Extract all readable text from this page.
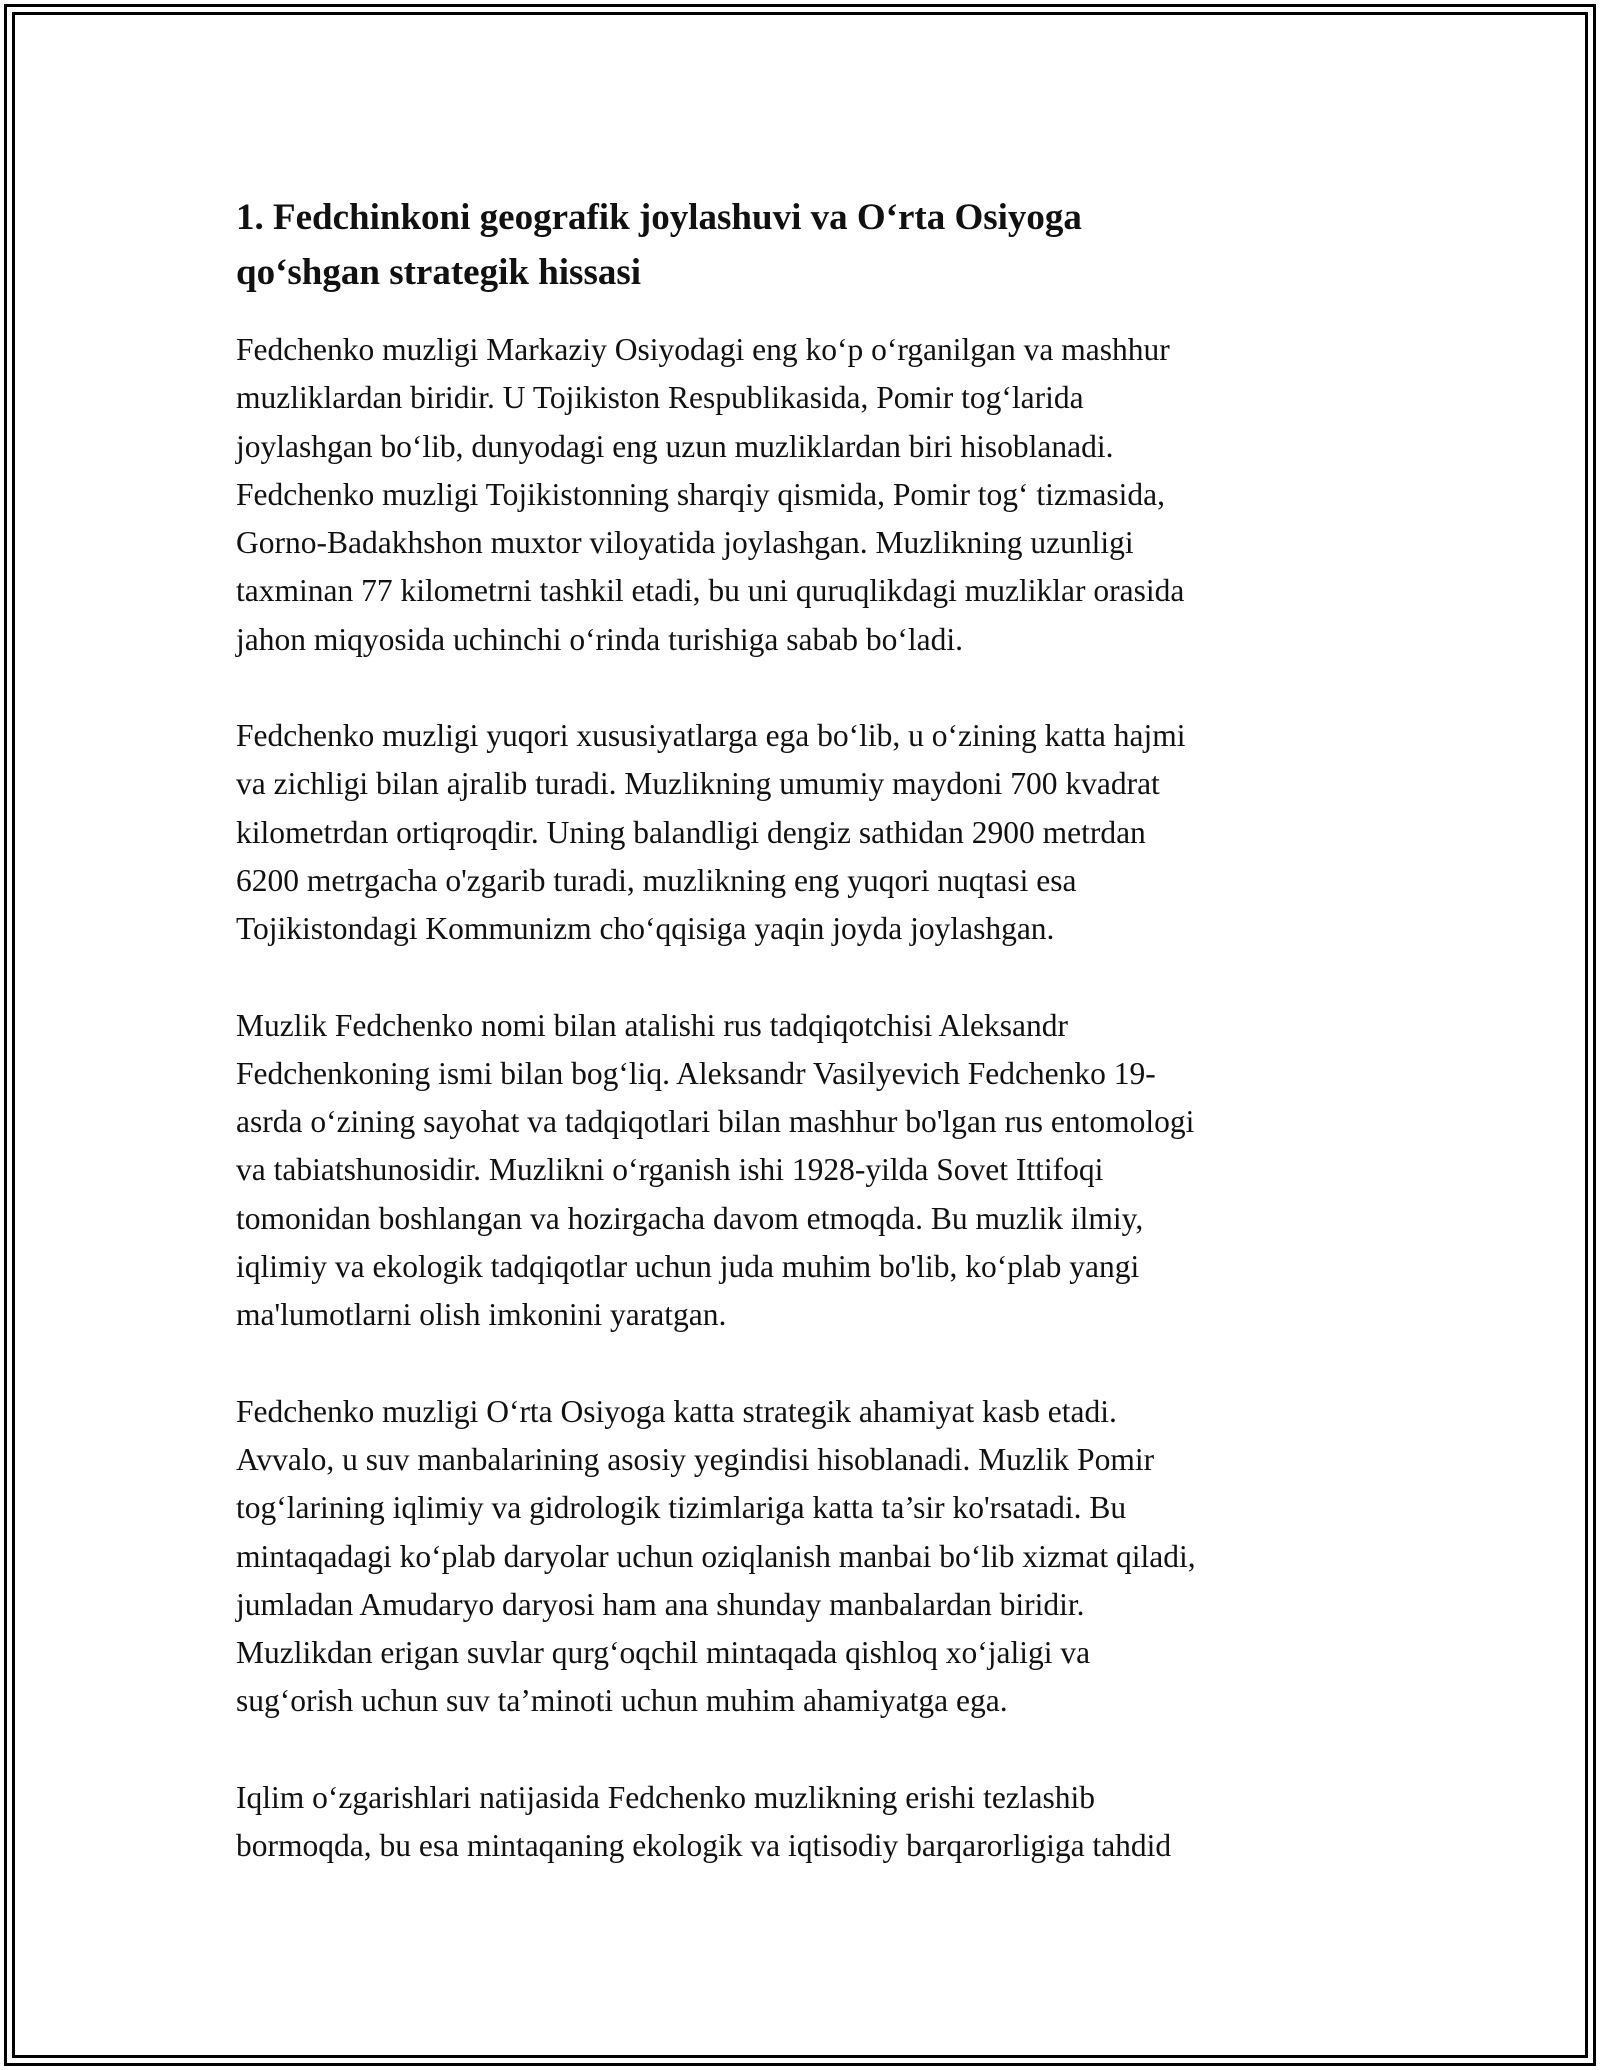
1. Fedchinkoni geografik joylashuvi va O‘rta Osiyoga
qo‘shgan strategik hissasi

Fedchenko muzligi Markaziy Osiyodagi eng ko‘p o‘rganilgan va mashhur
muzliklardan biridir. U Tojikiston Respublikasida, Pomir tog‘larida
joylashgan bo‘lib, dunyodagi eng uzun muzliklardan biri hisoblanadi.
Fedchenko muzligi Tojikistonning sharqiy qismida, Pomir tog‘ tizmasida,
Gorno-Badakhshon muxtor viloyatida joylashgan. Muzlikning uzunligi
taxminan 77 kilometrni tashkil etadi, bu uni quruqlikdagi muzliklar orasida
jahon miqyosida uchinchi o‘rinda turishiga sabab bo‘ladi.

Fedchenko muzligi yuqori xususiyatlarga ega bo‘lib, u o‘zining katta hajmi
va zichligi bilan ajralib turadi. Muzlikning umumiy maydoni 700 kvadrat
kilometrdan ortiqroqdir. Uning balandligi dengiz sathidan 2900 metrdan
6200 metrgacha o'zgarib turadi, muzlikning eng yuqori nuqtasi esa
Tojikistondagi Kommunizm cho‘qqisiga yaqin joyda joylashgan.

Muzlik Fedchenko nomi bilan atalishi rus tadqiqotchisi Aleksandr
Fedchenkoning ismi bilan bog‘liq. Aleksandr Vasilyevich Fedchenko 19-
asrda o‘zining sayohat va tadqiqotlari bilan mashhur bo'lgan rus entomologi
va tabiatshunosidir. Muzlikni o‘rganish ishi 1928-yilda Sovet Ittifoqi
tomonidan boshlangan va hozirgacha davom etmoqda. Bu muzlik ilmiy,
iqlimiy va ekologik tadqiqotlar uchun juda muhim bo'lib, ko‘plab yangi
ma'lumotlarni olish imkonini yaratgan.

Fedchenko muzligi O‘rta Osiyoga katta strategik ahamiyat kasb etadi.
Avvalo, u suv manbalarining asosiy yegindisi hisoblanadi. Muzlik Pomir
tog‘larining iqlimiy va gidrologik tizimlariga katta ta’sir ko'rsatadi. Bu
mintaqadagi ko‘plab daryolar uchun oziqlanish manbai bo‘lib xizmat qiladi,
jumladan Amudaryo daryosi ham ana shunday manbalardan biridir.
Muzlikdan erigan suvlar qurg‘oqchil mintaqada qishloq xo‘jaligi va
sug‘orish uchun suv ta’minoti uchun muhim ahamiyatga ega.

Iqlim o‘zgarishlari natijasida Fedchenko muzlikning erishi tezlashib
bormoqda, bu esa mintaqaning ekologik va iqtisodiy barqarorligiga tahdid
